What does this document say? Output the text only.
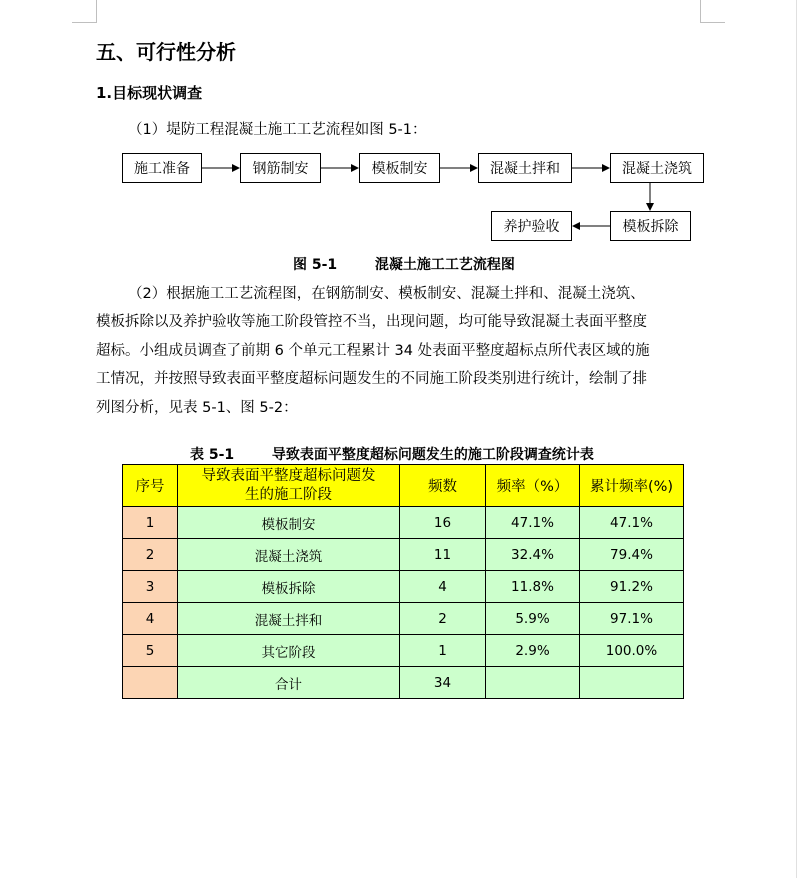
五、可行性分析
1.目标现状调查
（1）堤防工程混凝土施工工艺流程如图 5-1：
施工准备	钢筋制安	模板制安	混凝土拌和	混凝土浇筑
模板拆除
养护验收
图 5-1	混凝土施工工艺流程图
（2）根据施工工艺流程图，在钢筋制安、模板制安、混凝土拌和、混凝土浇筑、
模板拆除以及养护验收等施工阶段管控不当，出现问题，均可能导致混凝土表面平整度
超标。小组成员调查了前期 6 个单元工程累计 34 处表面平整度超标点所代表区域的施
工情况，并按照导致表面平整度超标问题发生的不同施工阶段类别进行统计，绘制了排
列图分析，见表 5-1、图 5-2：
表 5-1	导致表面平整度超标问题发生的施工阶段调查统计表
序号	导致表面平整度超标问题发
生的施工阶段	频数	频率（%）	累计频率(%)
1	模板制安	16	47.1%	47.1%
2	混凝土浇筑	11	32.4%	79.4%
3	模板拆除	4	11.8%	91.2%
4	混凝土拌和	2	5.9%	97.1%
5	其它阶段	1	2.9%	100.0%
	合计	34		
